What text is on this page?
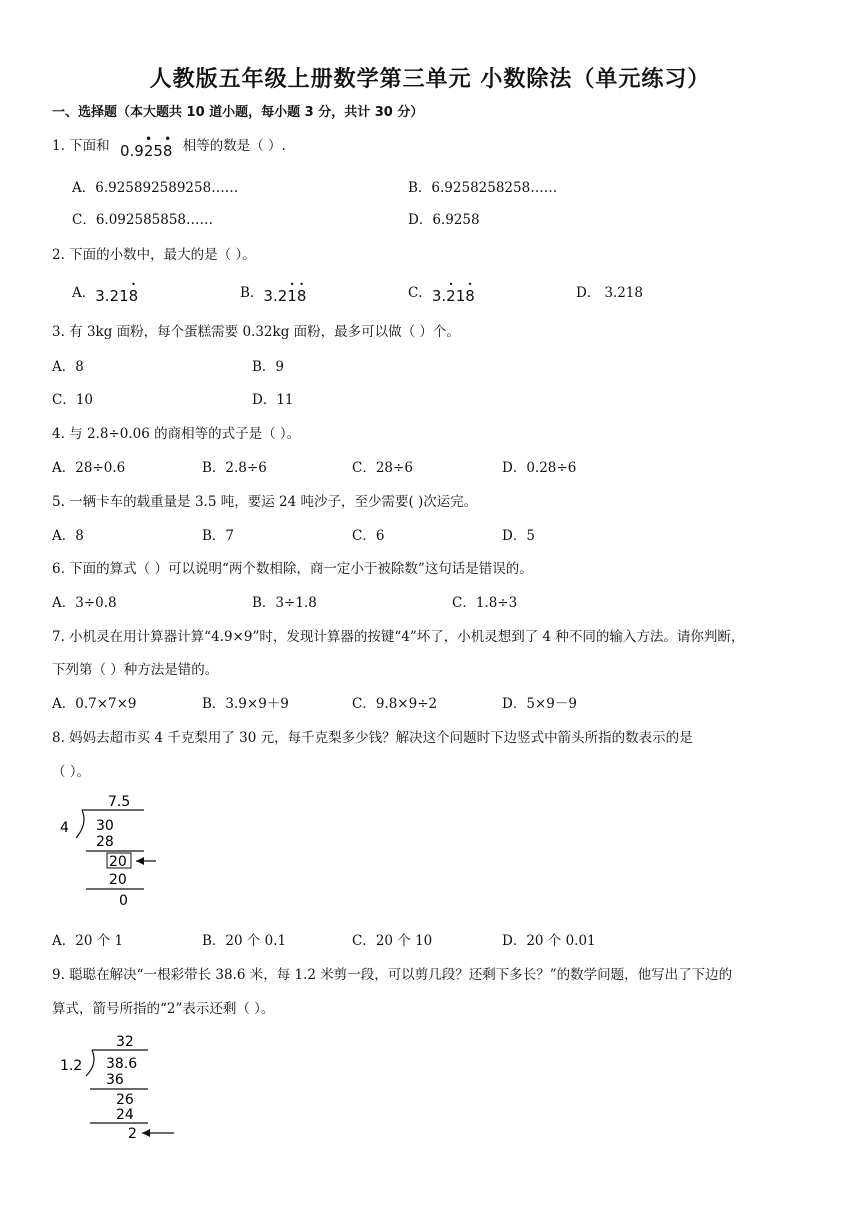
人教版五年级上册数学第三单元 小数除法（单元练习）
一、选择题（本大题共 10 道小题，每小题 3 分，共计 30 分）
1. 下面和 0.92
•
58
• 相等的数是（ ）.
A．6.925892589258……	B．6.9258258258……
C．6.092585858……	D．6.9258
2. 下面的小数中，最大的是（ ）。
A．3.218
•
B．3.21
•
8
•
C．3.2
•
18
•
D． 3.218
3. 有 3kg 面粉，每个蛋糕需要 0.32kg 面粉，最多可以做（ ）个。
A．8	B．9
C．10	D．11
4. 与 2.8÷0.06 的商相等的式子是（ ）。
A．28÷0.6	B．2.8÷6	C．28÷6	D．0.28÷6
5. 一辆卡车的载重量是 3.5 吨，要运 24 吨沙子，至少需要( )次运完。
A．8	B．7	C．6	D．5
6. 下面的算式（ ）可以说明“两个数相除，商一定小于被除数”这句话是错误的。
A．3÷0.8	B．3÷1.8	C．1.8÷3
7. 小机灵在用计算器计算“4.9×9”时，发现计算器的按键“4”坏了，小机灵想到了 4 种不同的输入方法。请你判断，
下列第（ ）种方法是错的。
A．0.7×7×9	B．3.9×9＋9	C．9.8×9÷2	D．5×9－9
8. 妈妈去超市买 4 千克梨用了 30 元，每千克梨多少钱？解决这个问题时下边竖式中箭头所指的数表示的是
（ ）。
7.5
4 30
28
20
20
0
A．20 个 1	B．20 个 0.1	C．20 个 10	D．20 个 0.01
9. 聪聪在解决“一根彩带长 38.6 米，每 1.2 米剪一段，可以剪几段？还剩下多长？”的数学问题，他写出了下边的
算式，箭号所指的“2”表示还剩（ ）。
32
1.2 38.6
36
26
24
2
